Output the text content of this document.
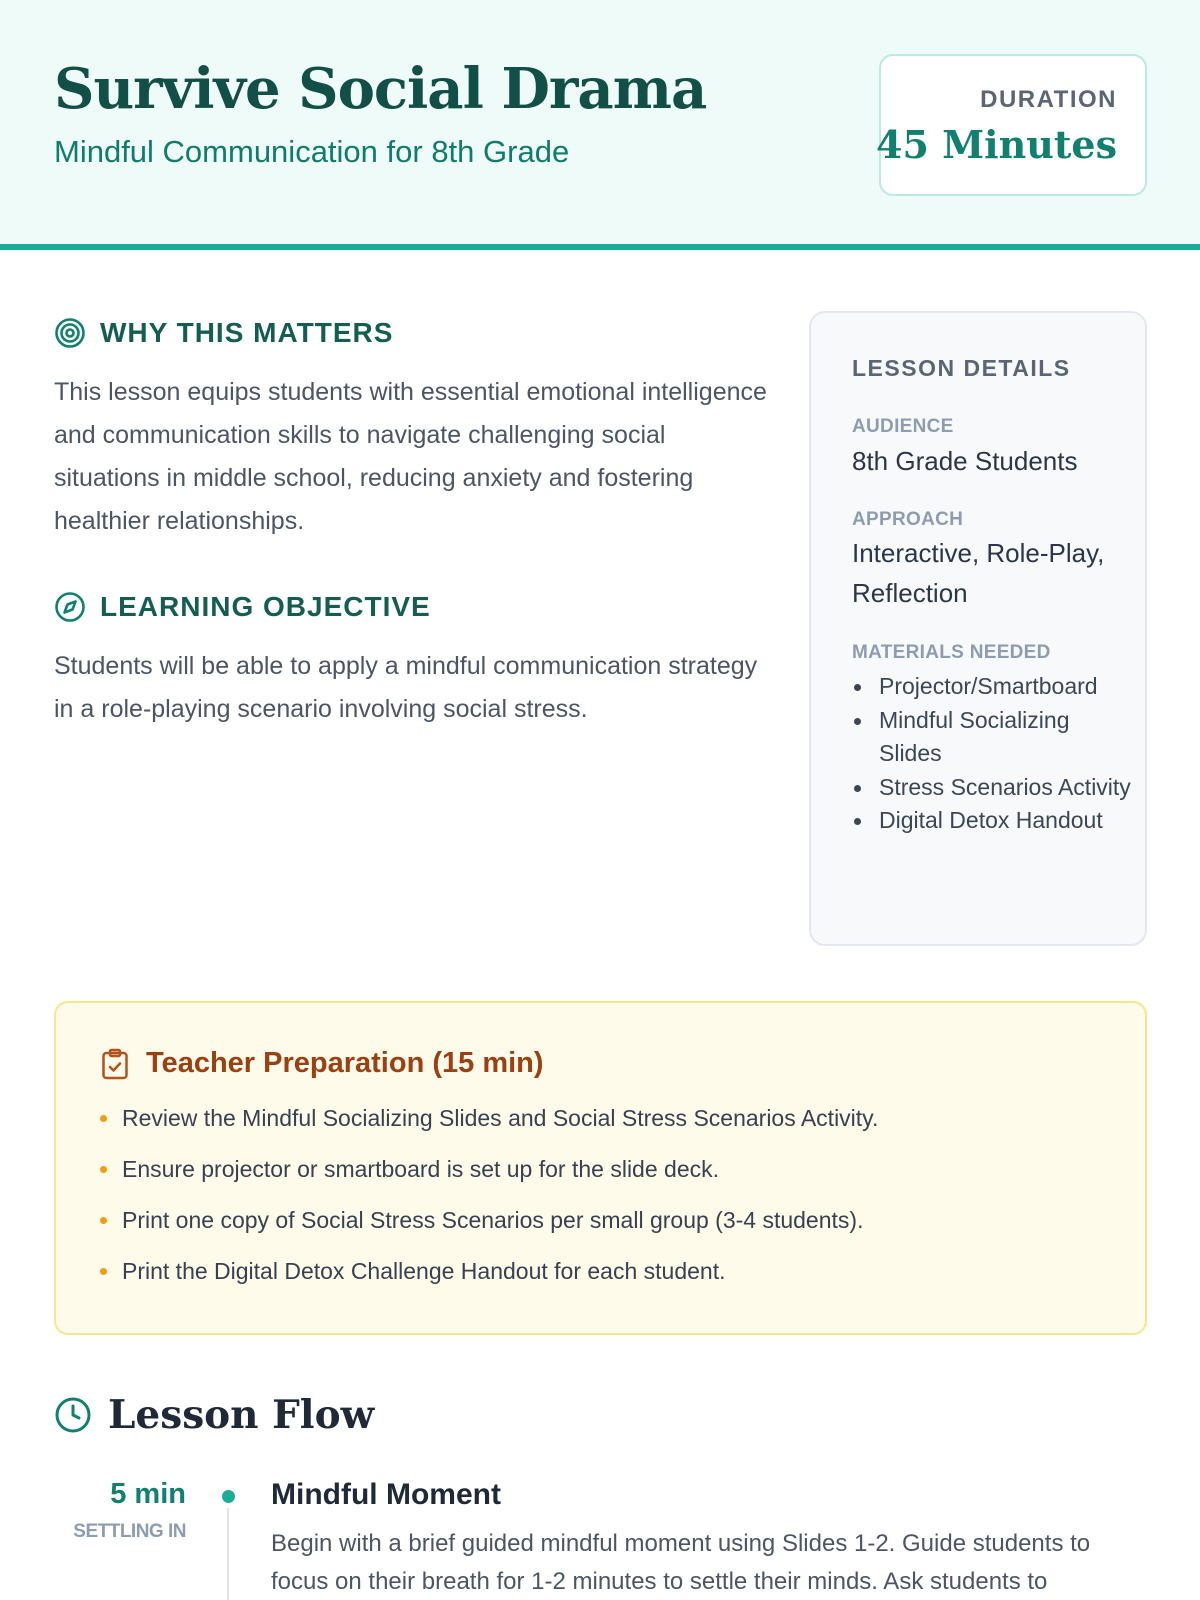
Survive Social Drama
Mindful Communication for 8th Grade
DURATION
45 Minutes
WHY THIS MATTERS

This lesson equips students with essential emotional intelligence and communication skills to navigate challenging social situations in middle school, reducing anxiety and fostering healthier relationships.

LEARNING OBJECTIVE

Students will be able to apply a mindful communication strategy in a role-playing scenario involving social stress.

LESSON DETAILS
AUDIENCE
8th Grade Students
APPROACH
Interactive, Role-Play, Reflection
MATERIALS NEEDED
Projector/Smartboard
Mindful Socializing Slides
Stress Scenarios Activity
Digital Detox Handout
Teacher Preparation (15 min)
Review the Mindful Socializing Slides and Social Stress Scenarios Activity.
Ensure projector or smartboard is set up for the slide deck.
Print one copy of Social Stress Scenarios per small group (3-4 students).
Print the Digital Detox Challenge Handout for each student.
Lesson Flow
5 min
SETTLING IN
Mindful Moment

Begin with a brief guided mindful moment using Slides 1-2. Guide students to focus on their breath for 1-2 minutes to settle their minds. Ask students to
